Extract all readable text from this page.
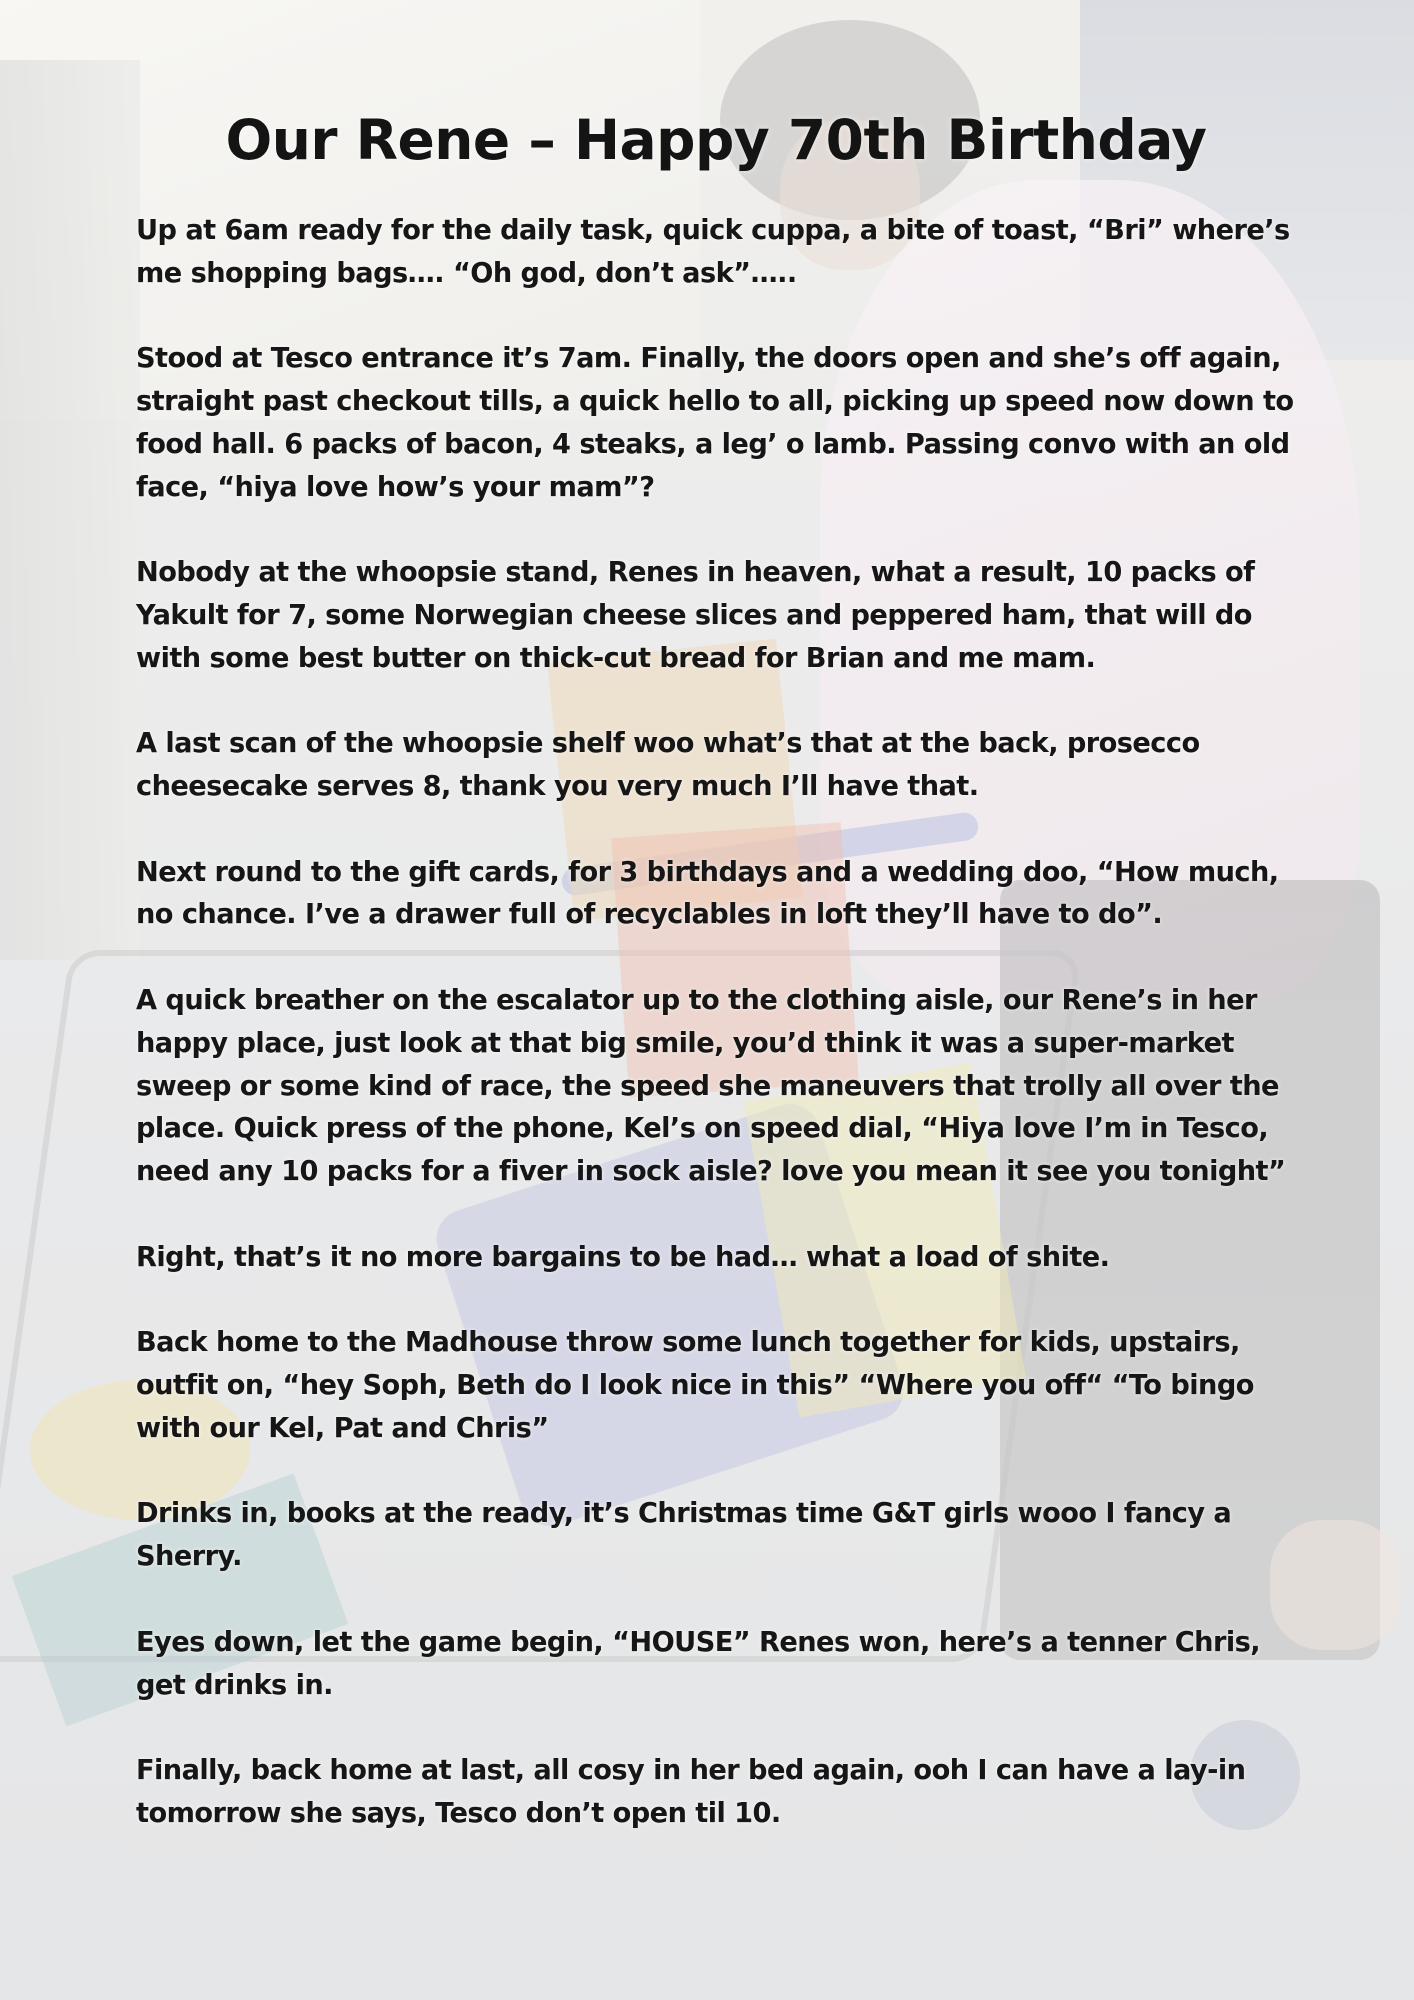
Our Rene – Happy 70th Birthday

Up at 6am ready for the daily task, quick cuppa, a bite of toast, “Bri” where’s me shopping bags…. “Oh god, don’t ask”…..

Stood at Tesco entrance it’s 7am. Finally, the doors open and she’s off again, straight past checkout tills, a quick hello to all, picking up speed now down to food hall. 6 packs of bacon, 4 steaks, a leg’ o lamb. Passing convo with an old face, “hiya love how’s your mam”?

Nobody at the whoopsie stand, Renes in heaven, what a result, 10 packs of Yakult for 7, some Norwegian cheese slices and peppered ham, that will do with some best butter on thick-cut bread for Brian and me mam.

A last scan of the whoopsie shelf woo what’s that at the back, prosecco cheesecake serves 8, thank you very much I’ll have that.

Next round to the gift cards, for 3 birthdays and a wedding doo, “How much, no chance. I’ve a drawer full of recyclables in loft they’ll have to do”.

A quick breather on the escalator up to the clothing aisle, our Rene’s in her happy place, just look at that big smile, you’d think it was a super-market sweep or some kind of race, the speed she maneuvers that trolly all over the place. Quick press of the phone, Kel’s on speed dial, “Hiya love I’m in Tesco, need any 10 packs for a fiver in sock aisle? love you mean it see you tonight”

Right, that’s it no more bargains to be had… what a load of shite.

Back home to the Madhouse throw some lunch together for kids, upstairs, outfit on, “hey Soph, Beth do I look nice in this” “Where you off“ “To bingo with our Kel, Pat and Chris”

Drinks in, books at the ready, it’s Christmas time G&T girls wooo I fancy a Sherry.

Eyes down, let the game begin, “HOUSE” Renes won, here’s a tenner Chris, get drinks in.

Finally, back home at last, all cosy in her bed again, ooh I can have a lay-in tomorrow she says, Tesco don’t open til 10.
